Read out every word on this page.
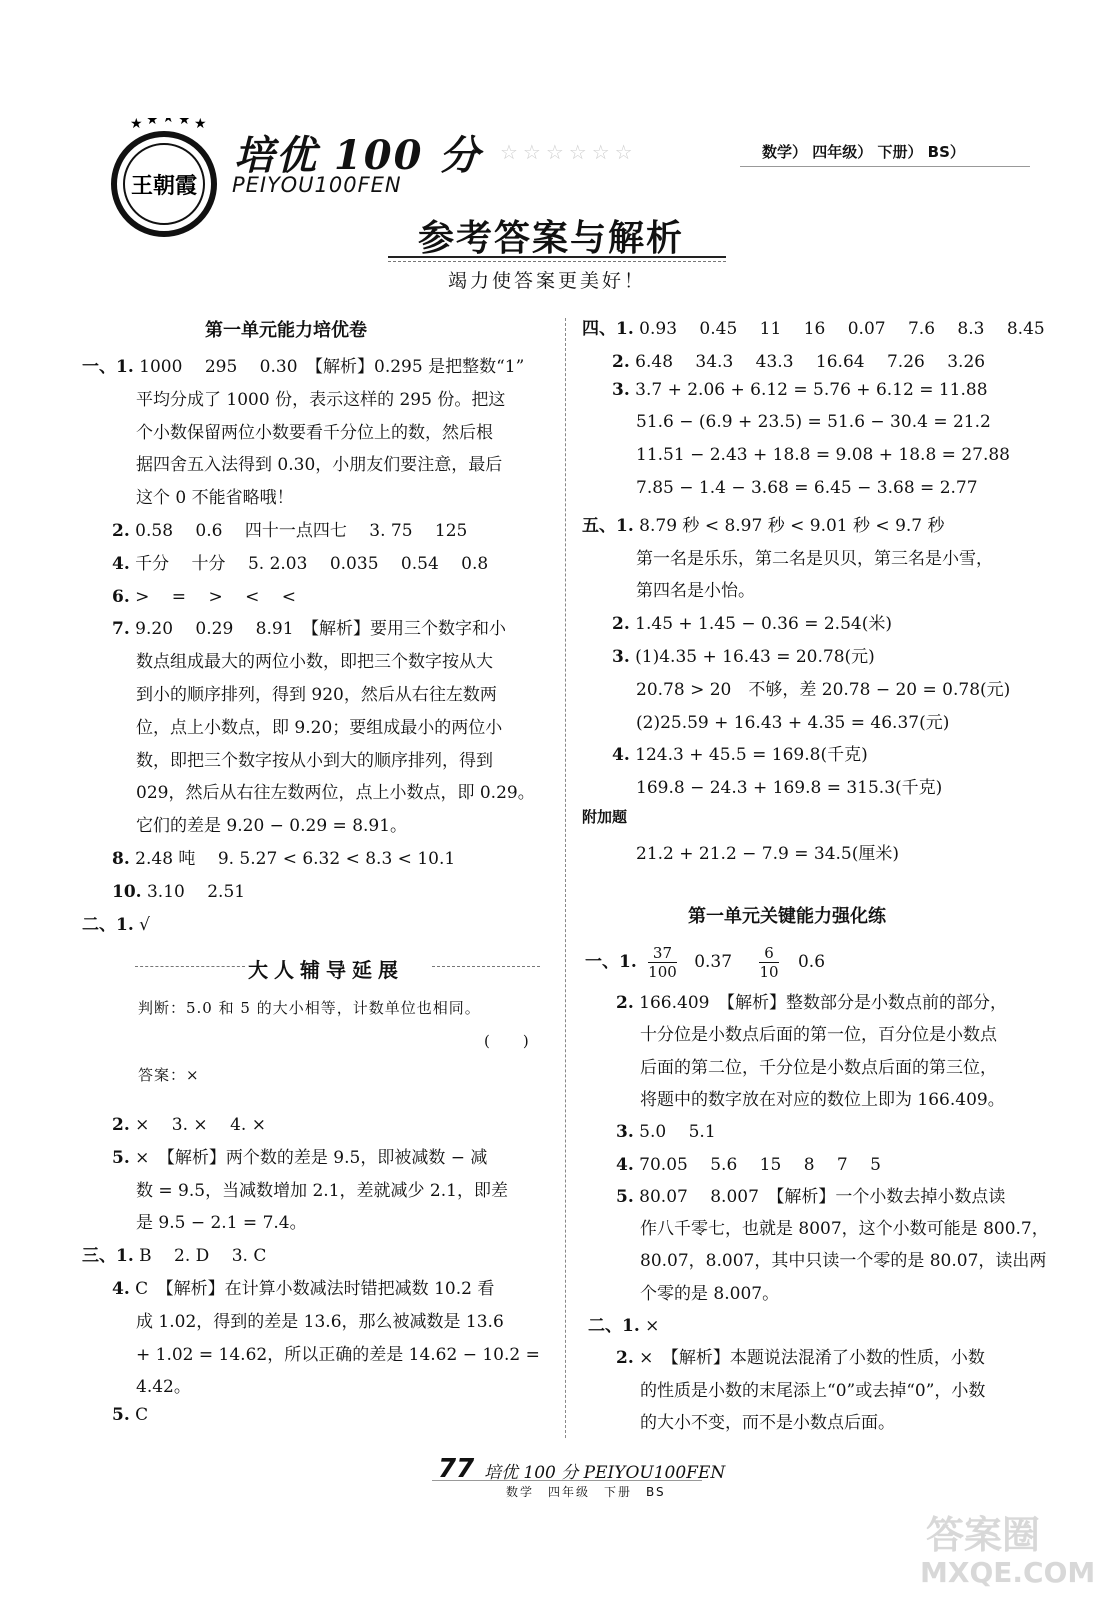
★ ★ ★ ★ ★
王朝霞
培优 100 分
PEIYOU100FEN
☆☆☆☆☆☆	数学） 四年级） 下册） BS）
参考答案与解析
竭力使答案更美好！
第一单元能力培优卷
一、1. 1000　 295　 0.30　【解析】0.295 是把整数“1”
平均分成了 1000 份，表示这样的 295 份。把这
个小数保留两位小数要看千分位上的数，然后根
据四舍五入法得到 0.30，小朋友们要注意，最后
这个 0 不能省略哦！
2. 0.58　 0.6　 四十一点四七　 3. 75　 125
4. 千分　 十分　 5. 2.03　 0.035　 0.54　 0.8
6. >　 =　 >　 <　 <
7. 9.20　 0.29　 8.91　【解析】要用三个数字和小
数点组成最大的两位小数，即把三个数字按从大
到小的顺序排列，得到 920，然后从右往左数两
位，点上小数点，即 9.20；要组成最小的两位小
数，即把三个数字按从小到大的顺序排列，得到
029，然后从右往左数两位，点上小数点，即 0.29。
它们的差是 9.20 − 0.29 = 8.91。
8. 2.48 吨　 9. 5.27 < 6.32 < 8.3 < 10.1
10. 3.10　 2.51
二、1. √
大人辅导延展
判断：5.0 和 5 的大小相等，计数单位也相同。
(　　)
答案：×
2. ×　 3. ×　 4. ×
5. ×　【解析】两个数的差是 9.5，即被减数 − 减
数 = 9.5，当减数增加 2.1，差就减少 2.1，即差
是 9.5 − 2.1 = 7.4。
三、1. B　 2. D　 3. C
4. C　【解析】在计算小数减法时错把减数 10.2 看
成 1.02，得到的差是 13.6，那么被减数是 13.6
+ 1.02 = 14.62，所以正确的差是 14.62 − 10.2 =
4.42。
5. C
四、1. 0.93　 0.45　 11　 16　 0.07　 7.6　 8.3　 8.45
2. 6.48　 34.3　 43.3　 16.64　 7.26　 3.26
3. 3.7 + 2.06 + 6.12 = 5.76 + 6.12 = 11.88
51.6 − (6.9 + 23.5) = 51.6 − 30.4 = 21.2
11.51 − 2.43 + 18.8 = 9.08 + 18.8 = 27.88
7.85 − 1.4 − 3.68 = 6.45 − 3.68 = 2.77
五、1. 8.79 秒 < 8.97 秒 < 9.01 秒 < 9.7 秒
第一名是乐乐，第二名是贝贝，第三名是小雪，
第四名是小怡。
2. 1.45 + 1.45 − 0.36 = 2.54(米)
3. (1)4.35 + 16.43 = 20.78(元)
20.78 > 20　不够，差 20.78 − 20 = 0.78(元)
(2)25.59 + 16.43 + 4.35 = 46.37(元)
4. 124.3 + 45.5 = 169.8(千克)
169.8 − 24.3 + 169.8 = 315.3(千克)
附加题
21.2 + 21.2 − 7.9 = 34.5(厘米)
第一单元关键能力强化练
一、1. $\frac{37}{100} 0.37 \frac{6}{10} 0.6$
2. 166.409　【解析】整数部分是小数点前的部分，
十分位是小数点后面的第一位，百分位是小数点
后面的第二位，千分位是小数点后面的第三位，
将题中的数字放在对应的数位上即为 166.409。
3. 5.0　 5.1
4. 70.05　 5.6　 15　 8　 7　 5
5. 80.07　 8.007　【解析】一个小数去掉小数点读
作八千零七，也就是 8007，这个小数可能是 800.7，
80.07，8.007，其中只读一个零的是 80.07，读出两
个零的是 8.007。
二、1. ×
2. ×　【解析】本题说法混淆了小数的性质，小数
的性质是小数的末尾添上“0”或去掉“0”，小数
的大小不变，而不是小数点后面。
77 培优 100 分 PEIYOU100FEN
数学　四年级　下册　BS
答案圈
MXQE.COM
